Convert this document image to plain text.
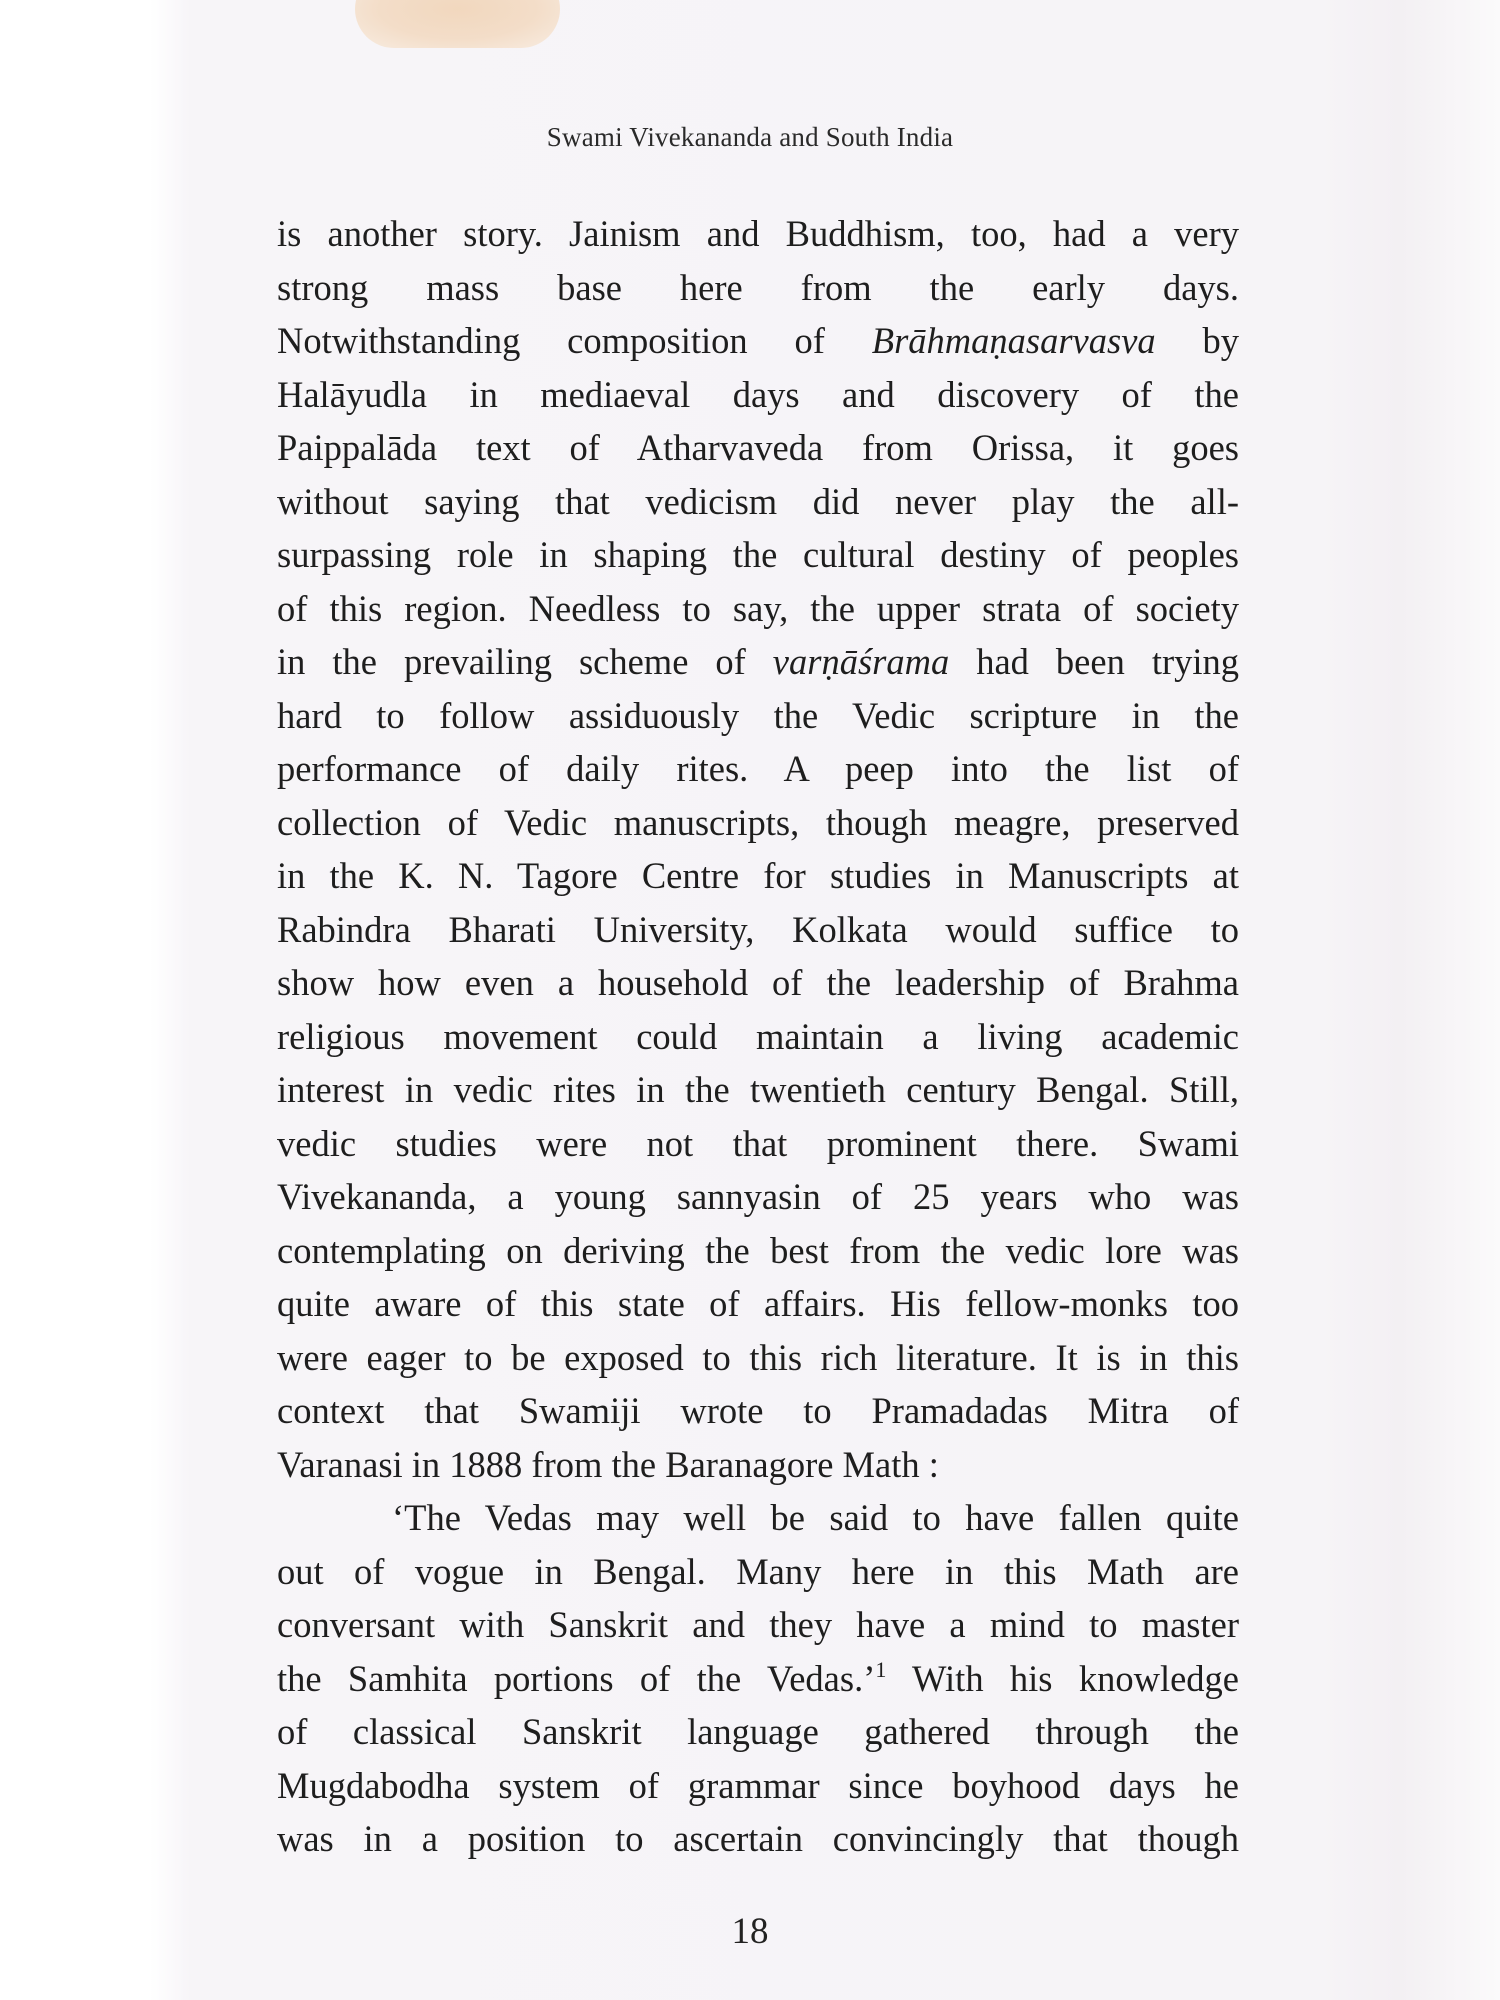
Swami Vivekananda and South India
is another story. Jainism and Buddhism, too, had a very
strong mass base here from the early days.
Notwithstanding composition of Brāhmaṇasarvasva by
Halāyudla in mediaeval days and discovery of the
Paippalāda text of Atharvaveda from Orissa, it goes
without saying that vedicism did never play the all-
surpassing role in shaping the cultural destiny of peoples
of this region. Needless to say, the upper strata of society
in the prevailing scheme of varṇāśrama had been trying
hard to follow assiduously the Vedic scripture in the
performance of daily rites. A peep into the list of
collection of Vedic manuscripts, though meagre, preserved
in the K. N. Tagore Centre for studies in Manuscripts at
Rabindra Bharati University, Kolkata would suffice to
show how even a household of the leadership of Brahma
religious movement could maintain a living academic
interest in vedic rites in the twentieth century Bengal. Still,
vedic studies were not that prominent there. Swami
Vivekananda, a young sannyasin of 25 years who was
contemplating on deriving the best from the vedic lore was
quite aware of this state of affairs. His fellow-monks too
were eager to be exposed to this rich literature. It is in this
context that Swamiji wrote to Pramadadas Mitra of
Varanasi in 1888 from the Baranagore Math :
‘The Vedas may well be said to have fallen quite
out of vogue in Bengal. Many here in this Math are
conversant with Sanskrit and they have a mind to master
the Samhita portions of the Vedas.’$^1$ With his knowledge
of classical Sanskrit language gathered through the
Mugdabodha system of grammar since boyhood days he
was in a position to ascertain convincingly that though
18
